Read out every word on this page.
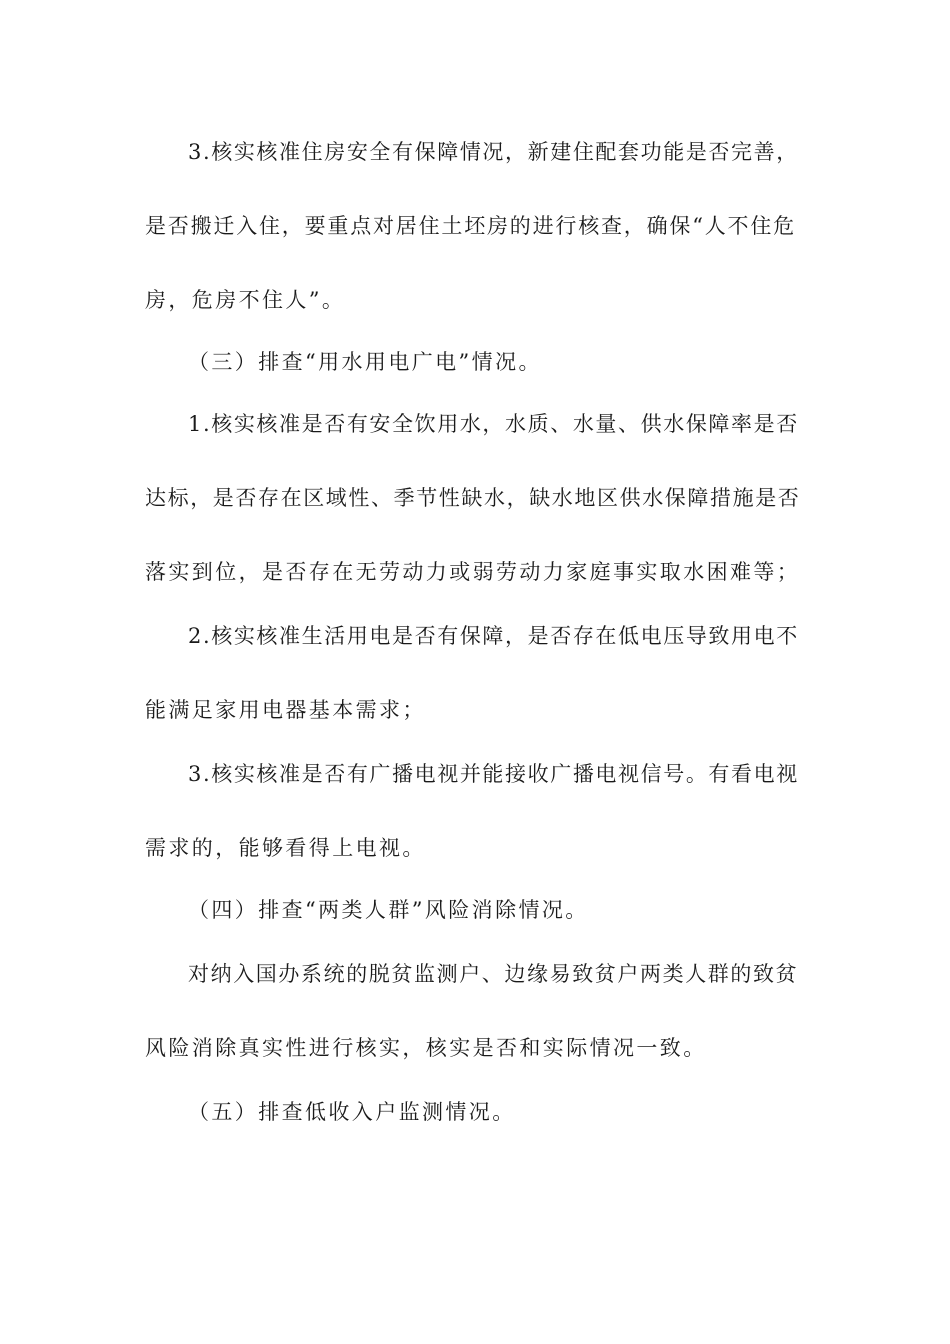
3.核实核准住房安全有保障情况，新建住配套功能是否完善，
是否搬迁入住，要重点对居住土坯房的进行核查，确保“人不住危
房，危房不住人”。
（三）排查“用水用电广电”情况。
1.核实核准是否有安全饮用水，水质、水量、供水保障率是否
达标，是否存在区域性、季节性缺水，缺水地区供水保障措施是否
落实到位，是否存在无劳动力或弱劳动力家庭事实取水困难等；
2.核实核准生活用电是否有保障，是否存在低电压导致用电不
能满足家用电器基本需求；
3.核实核准是否有广播电视并能接收广播电视信号。有看电视
需求的，能够看得上电视。
（四）排查“两类人群”风险消除情况。
对纳入国办系统的脱贫监测户、边缘易致贫户两类人群的致贫
风险消除真实性进行核实，核实是否和实际情况一致。
（五）排查低收入户监测情况。
